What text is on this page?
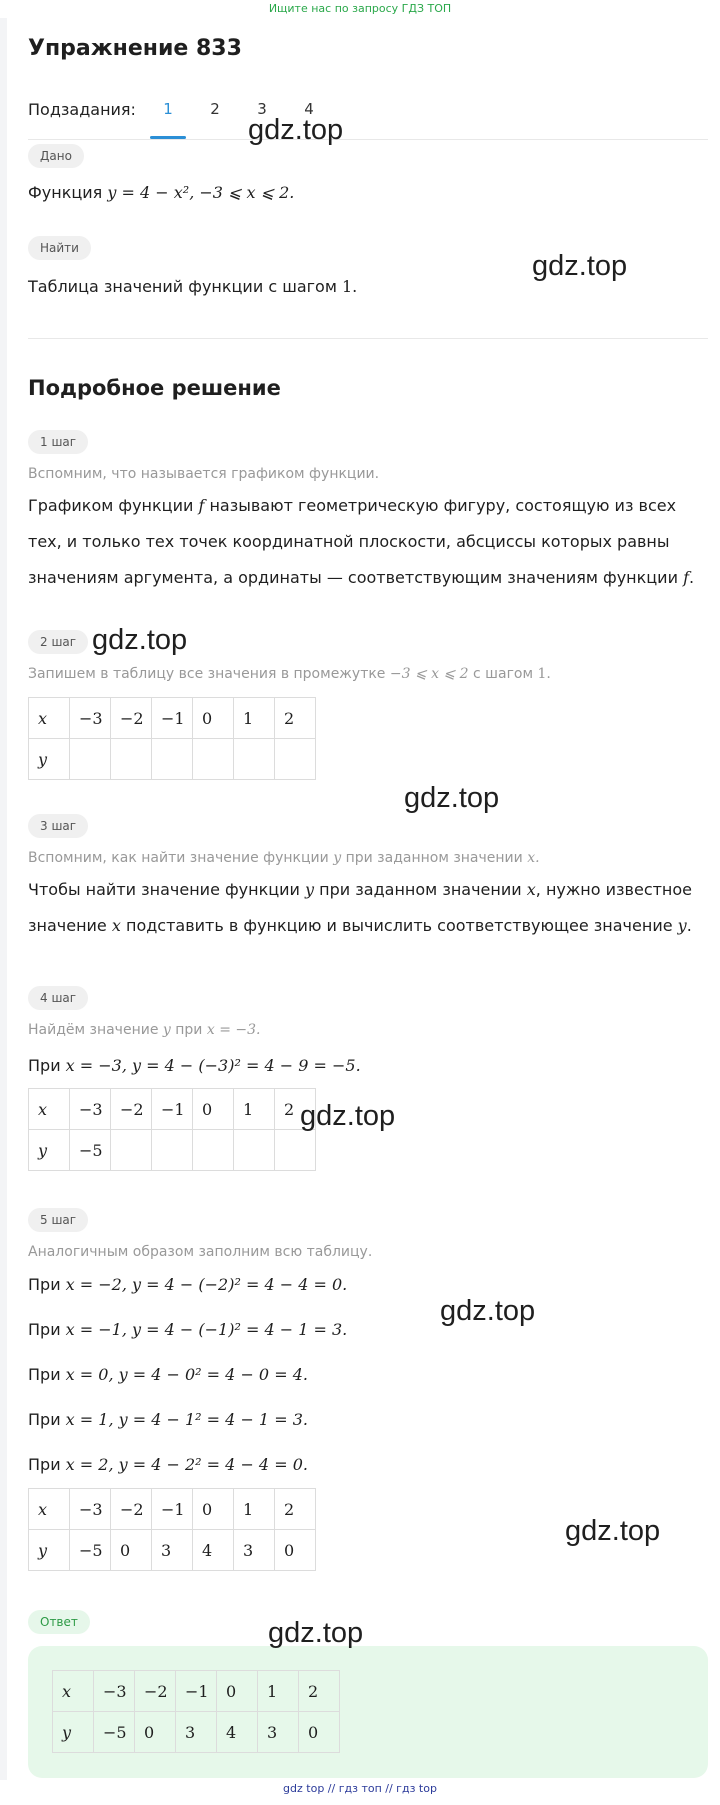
Ищите нас по запросу ГДЗ ТОП
Упражнение 833
Подзадания:	1	2	3	4
Дано
Функция y = 4 − x², −3 ⩽ x ⩽ 2.
Найти
Таблица значений функции с шагом 1.
Подробное решение
1 шаг
Вспомним, что называется графиком функции.
Графиком функции f называют геометрическую фигуру, состоящую из всех
тех, и только тех точек координатной плоскости, абсциссы которых равны
значениям аргумента, а ординаты — соответствующим значениям функции f.
2 шаг
Запишем в таблицу все значения в промежутке −3 ⩽ x ⩽ 2 с шагом 1.
x	−3	−2	−1	0	1	2
y						
3 шаг
Вспомним, как найти значение функции y при заданном значении x.
Чтобы найти значение функции y при заданном значении x, нужно известное
значение x подставить в функцию и вычислить соответствующее значение y.
4 шаг
Найдём значение y при x = −3.
При x = −3, y = 4 − (−3)² = 4 − 9 = −5.
x	−3	−2	−1	0	1	2
y	−5					
5 шаг
Аналогичным образом заполним всю таблицу.
При x = −2, y = 4 − (−2)² = 4 − 4 = 0.
При x = −1, y = 4 − (−1)² = 4 − 1 = 3.
При x = 0, y = 4 − 0² = 4 − 0 = 4.
При x = 1, y = 4 − 1² = 4 − 1 = 3.
При x = 2, y = 4 − 2² = 4 − 4 = 0.
x	−3	−2	−1	0	1	2
y	−5	0	3	4	3	0
Ответ
x	−3	−2	−1	0	1	2
y	−5	0	3	4	3	0
gdz.top
gdz.top
gdz.top
gdz.top
gdz.top
gdz.top
gdz.top
gdz.top
gdz top // гдз топ // гдз top
